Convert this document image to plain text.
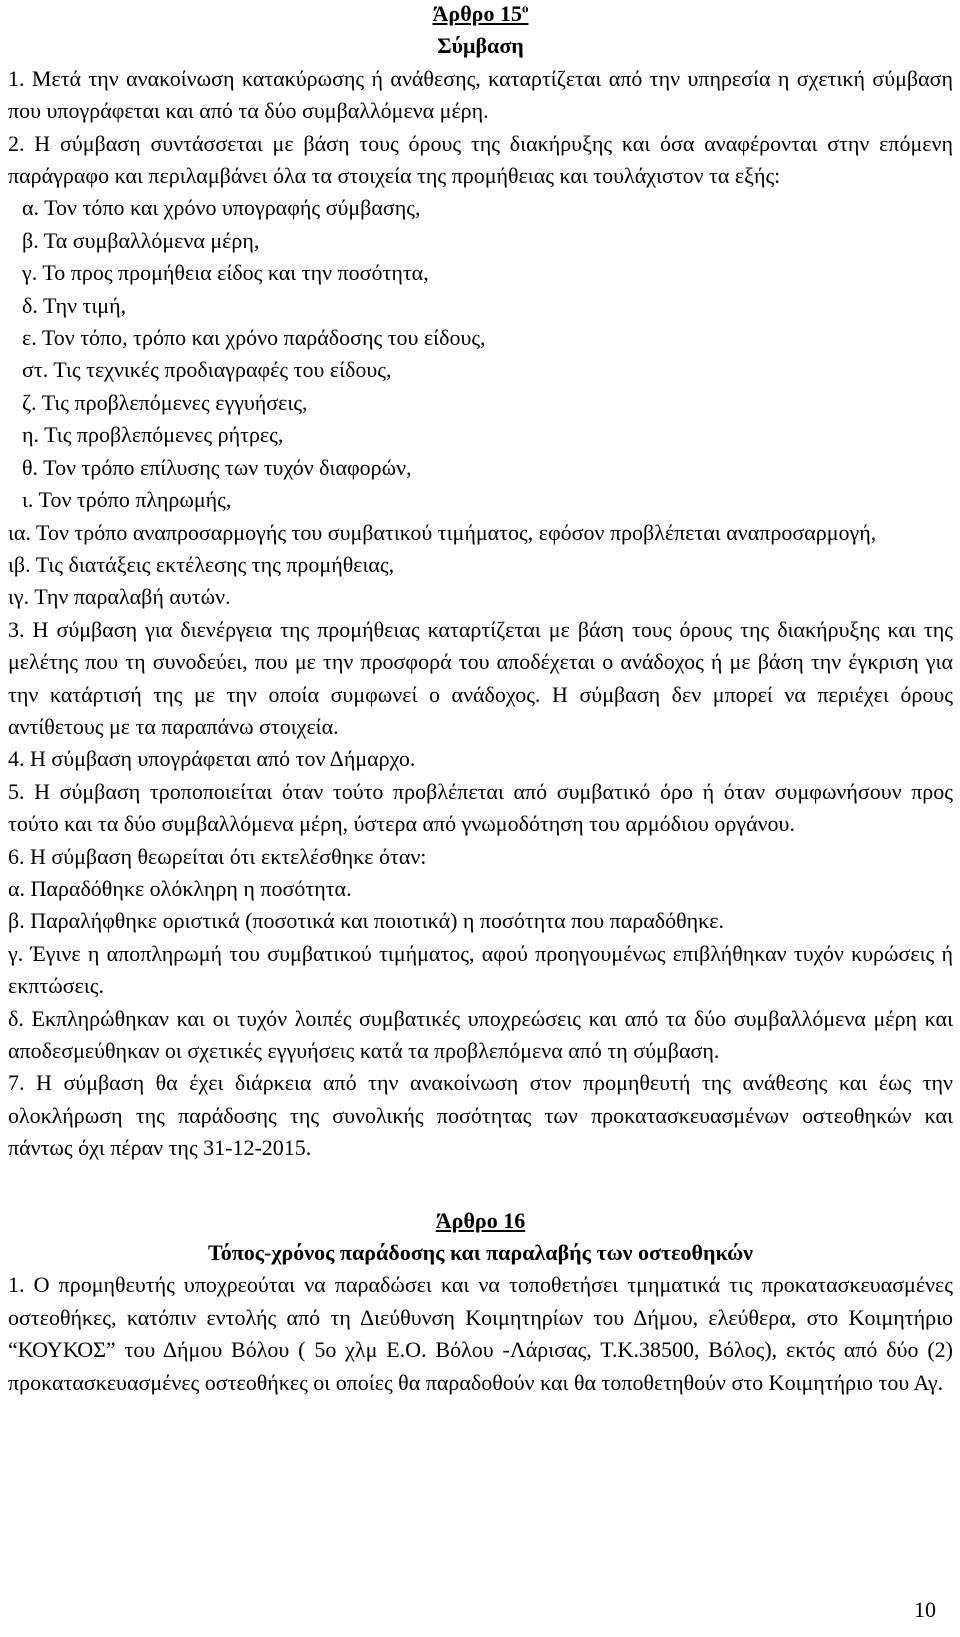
Άρθρο $15^o$
Σύμβαση
1. Μετά την ανακοίνωση κατακύρωσης ή ανάθεσης, καταρτίζεται από την υπηρεσία η σχετική σύμβαση που υπογράφεται και από τα δύο συμβαλλόμενα μέρη.
2. Η σύμβαση συντάσσεται με βάση τους όρους της διακήρυξης και όσα αναφέρονται στην επόμενη παράγραφο και περιλαμβάνει όλα τα στοιχεία της προμήθειας και τουλάχιστον τα εξής:
α. Τον τόπο και χρόνο υπογραφής σύμβασης,
β. Τα συμβαλλόμενα μέρη,
γ. Το προς προμήθεια είδος και την ποσότητα,
δ. Την τιμή,
ε. Τον τόπο, τρόπο και χρόνο παράδοσης του είδους,
στ. Τις τεχνικές προδιαγραφές του είδους,
ζ. Τις προβλεπόμενες εγγυήσεις,
η. Τις προβλεπόμενες ρήτρες,
θ. Τον τρόπο επίλυσης των τυχόν διαφορών,
ι. Τον τρόπο πληρωμής,
ια. Τον τρόπο αναπροσαρμογής του συμβατικού τιμήματος, εφόσον προβλέπεται αναπροσαρμογή,
ιβ. Τις διατάξεις εκτέλεσης της προμήθειας,
ιγ. Την παραλαβή αυτών.
3. Η σύμβαση για διενέργεια της προμήθειας καταρτίζεται με βάση τους όρους της διακήρυξης και της μελέτης που τη συνοδεύει, που με την προσφορά του αποδέχεται ο ανάδοχος ή με βάση την έγκριση για την κατάρτισή της με την οποία συμφωνεί ο ανάδοχος. Η σύμβαση δεν μπορεί να περιέχει όρους αντίθετους με τα παραπάνω στοιχεία.
4. Η σύμβαση υπογράφεται από τον Δήμαρχο.
5. Η σύμβαση τροποποιείται όταν τούτο προβλέπεται από συμβατικό όρο ή όταν συμφωνήσουν προς τούτο και τα δύο συμβαλλόμενα μέρη, ύστερα από γνωμοδότηση του αρμόδιου οργάνου.
6. Η σύμβαση θεωρείται ότι εκτελέσθηκε όταν:
α. Παραδόθηκε ολόκληρη η ποσότητα.
β. Παραλήφθηκε οριστικά (ποσοτικά και ποιοτικά) η ποσότητα που παραδόθηκε.
γ. Έγινε η αποπληρωμή του συμβατικού τιμήματος, αφού προηγουμένως επιβλήθηκαν τυχόν κυρώσεις ή εκπτώσεις.
δ. Εκπληρώθηκαν και οι τυχόν λοιπές συμβατικές υποχρεώσεις και από τα δύο συμβαλλόμενα μέρη και αποδεσμεύθηκαν οι σχετικές εγγυήσεις κατά τα προβλεπόμενα από τη σύμβαση.
7. Η σύμβαση θα έχει διάρκεια από την ανακοίνωση στον προμηθευτή της ανάθεσης και έως την ολοκλήρωση της παράδοσης της συνολικής ποσότητας των προκατασκευασμένων οστεοθηκών και πάντως όχι πέραν της 31-12-2015.
Άρθρο 16
Τόπος-χρόνος παράδοσης και παραλαβής των οστεοθηκών
1. Ο προμηθευτής υποχρεούται να παραδώσει και να τοποθετήσει τμηματικά τις προκατασκευασμένες οστεοθήκες, κατόπιν εντολής από τη Διεύθυνση Κοιμητηρίων του Δήμου, ελεύθερα, στο Κοιμητήριο “ΚΟΥΚΟΣ” του Δήμου Βόλου ( 5ο χλμ Ε.Ο. Βόλου -Λάρισας, Τ.Κ.38500, Βόλος), εκτός από δύο (2) προκατασκευασμένες οστεοθήκες οι οποίες θα παραδοθούν και θα τοποθετηθούν στο Κοιμητήριο του Αγ.
10
